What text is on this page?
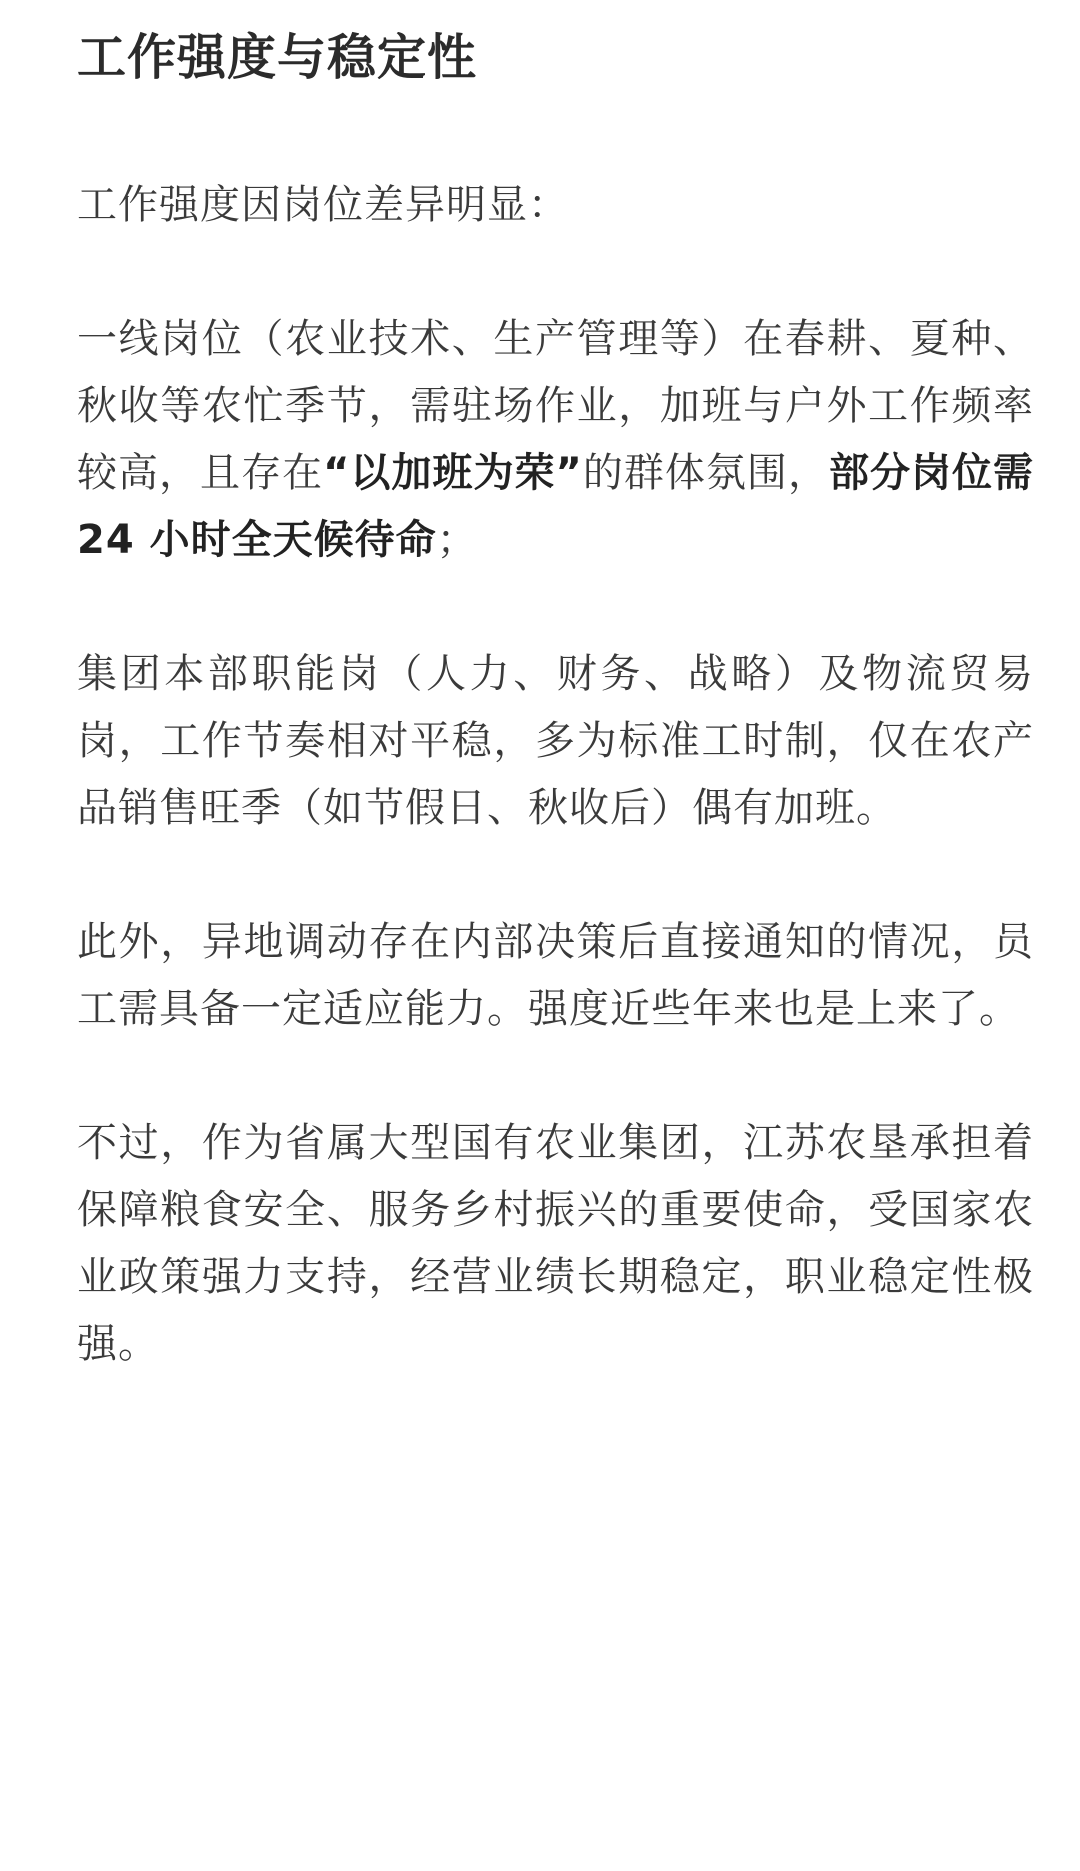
工作强度与稳定性

工作强度因岗位差异明显：

一线岗位（农业技术、生产管理等）在春耕、夏种、秋收等农忙季节，需驻场作业，加班与户外工作频率较高，且存在“以加班为荣”的群体氛围，部分岗位需 24 小时全天候待命；

集团本部职能岗（人力、财务、战略）及物流贸易岗，工作节奏相对平稳，多为标准工时制，仅在农产品销售旺季（如节假日、秋收后）偶有加班。

此外，异地调动存在内部决策后直接通知的情况，员工需具备一定适应能力。强度近些年来也是上来了。

不过，作为省属大型国有农业集团，江苏农垦承担着保障粮食安全、服务乡村振兴的重要使命，受国家农业政策强力支持，经营业绩长期稳定，职业稳定性极强。
